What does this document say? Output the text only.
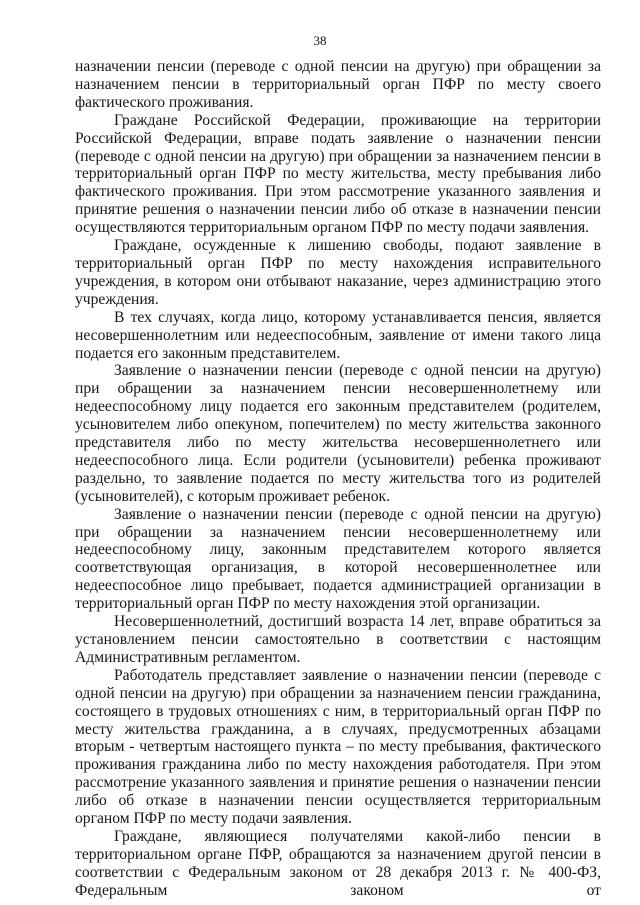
38

назначении пенсии (переводе с одной пенсии на другую) при обращении за назначением пенсии в территориальный орган ПФР по месту своего фактического проживания.

Граждане Российской Федерации, проживающие на территории Российской Федерации, вправе подать заявление о назначении пенсии (переводе с одной пенсии на другую) при обращении за назначением пенсии в территориальный орган ПФР по месту жительства, месту пребывания либо фактического проживания. При этом рассмотрение указанного заявления и принятие решения о назначении пенсии либо об отказе в назначении пенсии осуществляются территориальным органом ПФР по месту подачи заявления.

Граждане, осужденные к лишению свободы, подают заявление в территориальный орган ПФР по месту нахождения исправительного учреждения, в котором они отбывают наказание, через администрацию этого учреждения.

В тех случаях, когда лицо, которому устанавливается пенсия, является несовершеннолетним или недееспособным, заявление от имени такого лица подается его законным представителем.

Заявление о назначении пенсии (переводе с одной пенсии на другую) при обращении за назначением пенсии несовершеннолетнему или недееспособному лицу подается его законным представителем (родителем, усыновителем либо опекуном, попечителем) по месту жительства законного представителя либо по месту жительства несовершеннолетнего или недееспособного лица. Если родители (усыновители) ребенка проживают раздельно, то заявление подается по месту жительства того из родителей (усыновителей), с которым проживает ребенок.

Заявление о назначении пенсии (переводе с одной пенсии на другую) при обращении за назначением пенсии несовершеннолетнему или недееспособному лицу, законным представителем которого является соответствующая организация, в которой несовершеннолетнее или недееспособное лицо пребывает, подается администрацией организации в территориальный орган ПФР по месту нахождения этой организации.

Несовершеннолетний, достигший возраста 14 лет, вправе обратиться за установлением пенсии самостоятельно в соответствии с настоящим Административным регламентом.

Работодатель представляет заявление о назначении пенсии (переводе с одной пенсии на другую) при обращении за назначением пенсии гражданина, состоящего в трудовых отношениях с ним, в территориальный орган ПФР по месту жительства гражданина, а в случаях, предусмотренных абзацами вторым - четвертым настоящего пункта – по месту пребывания, фактического проживания гражданина либо по месту нахождения работодателя. При этом рассмотрение указанного заявления и принятие решения о назначении пенсии либо об отказе в назначении пенсии осуществляется территориальным органом ПФР по месту подачи заявления.

Граждане, являющиеся получателями какой-либо пенсии в территориальном органе ПФР, обращаются за назначением другой пенсии в соответствии с Федеральным законом от 28 декабря 2013 г. № 400-ФЗ, Федеральным законом от
